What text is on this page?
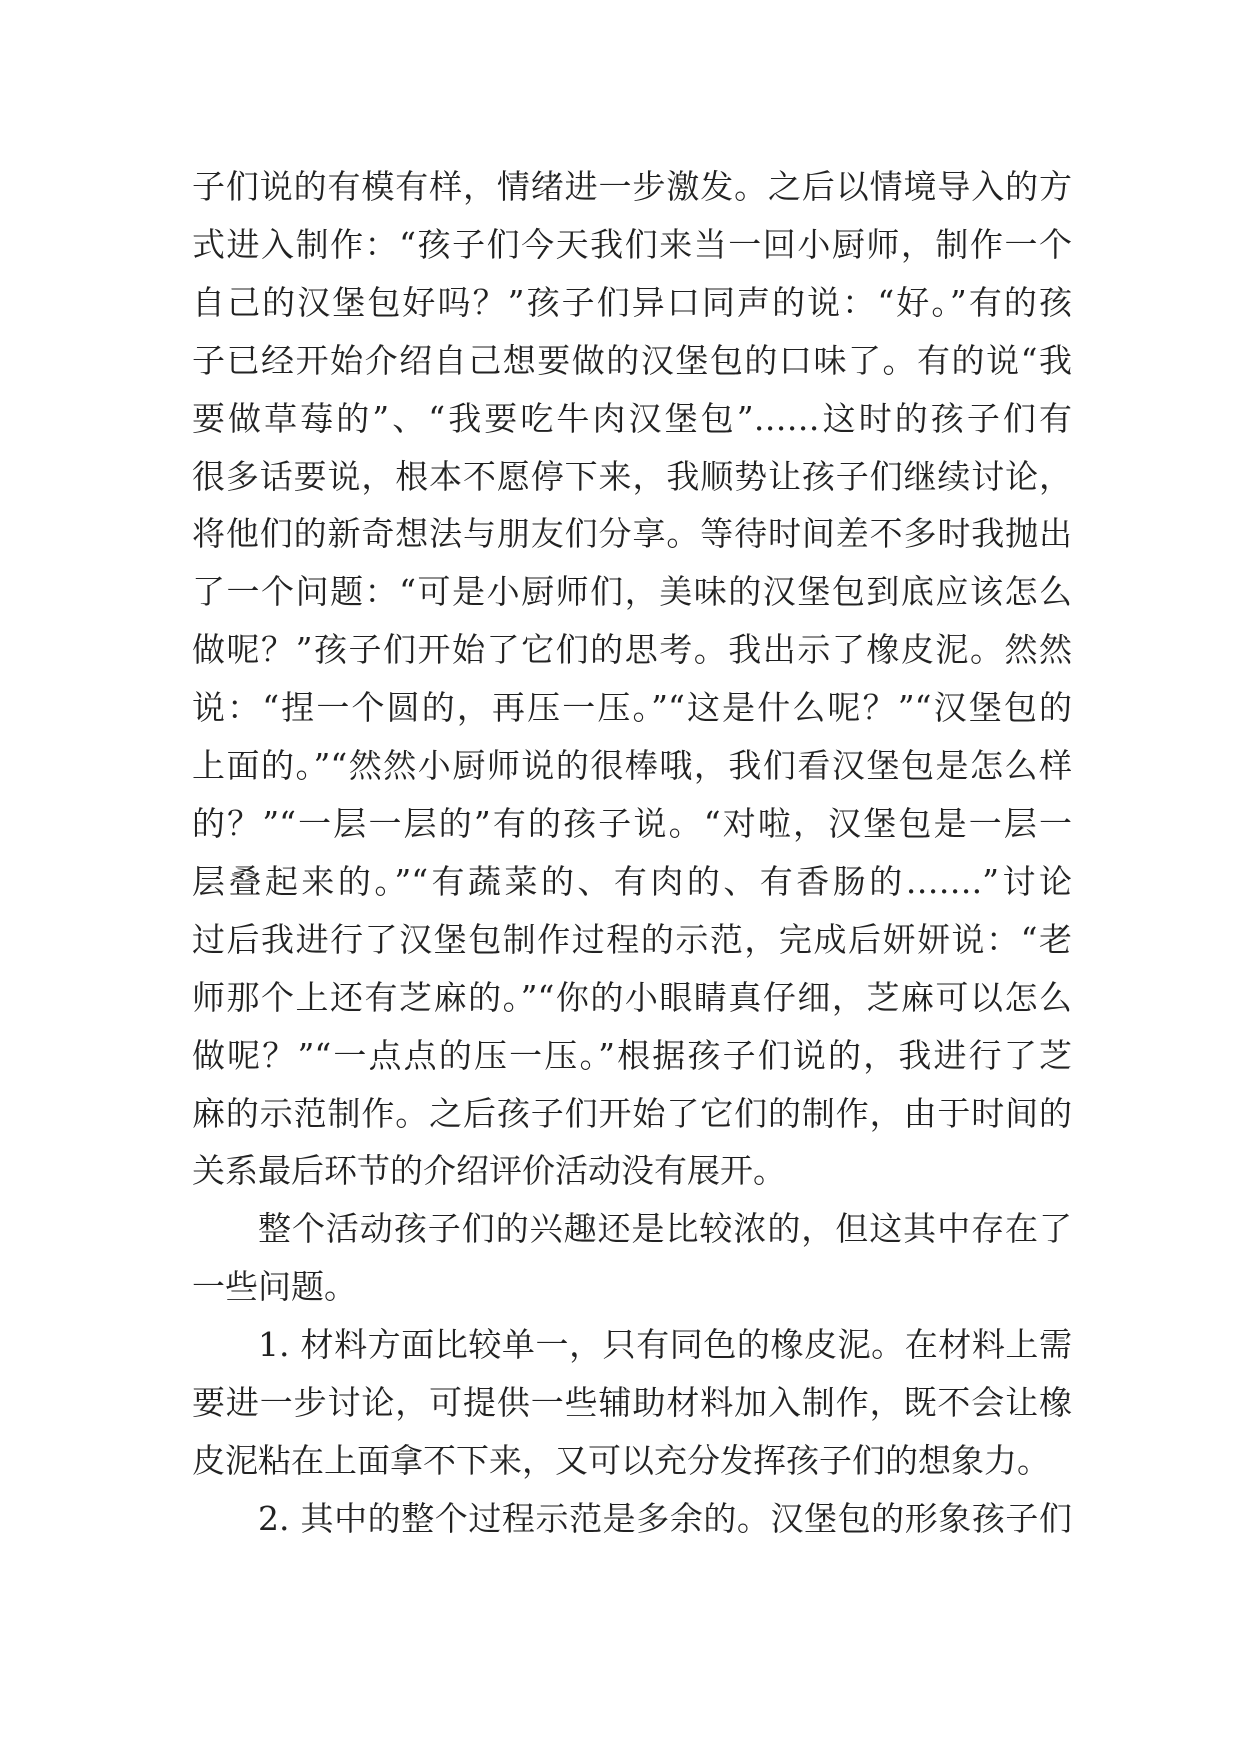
子们说的有模有样，情绪进一步激发。之后以情境导入的方
式进入制作：“孩子们今天我们来当一回小厨师，制作一个
自己的汉堡包好吗？”孩子们异口同声的说：“好。”有的孩
子已经开始介绍自己想要做的汉堡包的口味了。有的说“我
要做草莓的”、“我要吃牛肉汉堡包”……这时的孩子们有
很多话要说，根本不愿停下来，我顺势让孩子们继续讨论，
将他们的新奇想法与朋友们分享。等待时间差不多时我抛出
了一个问题：“可是小厨师们，美味的汉堡包到底应该怎么
做呢？”孩子们开始了它们的思考。我出示了橡皮泥。然然
说：“捏一个圆的，再压一压。”“这是什么呢？”“汉堡包的
上面的。”“然然小厨师说的很棒哦，我们看汉堡包是怎么样
的？”“一层一层的”有的孩子说。“对啦，汉堡包是一层一
层叠起来的。”“有蔬菜的、有肉的、有香肠的…….”讨论
过后我进行了汉堡包制作过程的示范，完成后妍妍说：“老
师那个上还有芝麻的。”“你的小眼睛真仔细，芝麻可以怎么
做呢？”“一点点的压一压。”根据孩子们说的，我进行了芝
麻的示范制作。之后孩子们开始了它们的制作，由于时间的
关系最后环节的介绍评价活动没有展开。
整个活动孩子们的兴趣还是比较浓的，但这其中存在了
一些问题。
1. 材料方面比较单一，只有同色的橡皮泥。在材料上需
要进一步讨论，可提供一些辅助材料加入制作，既不会让橡
皮泥粘在上面拿不下来，又可以充分发挥孩子们的想象力。
2. 其中的整个过程示范是多余的。汉堡包的形象孩子们
